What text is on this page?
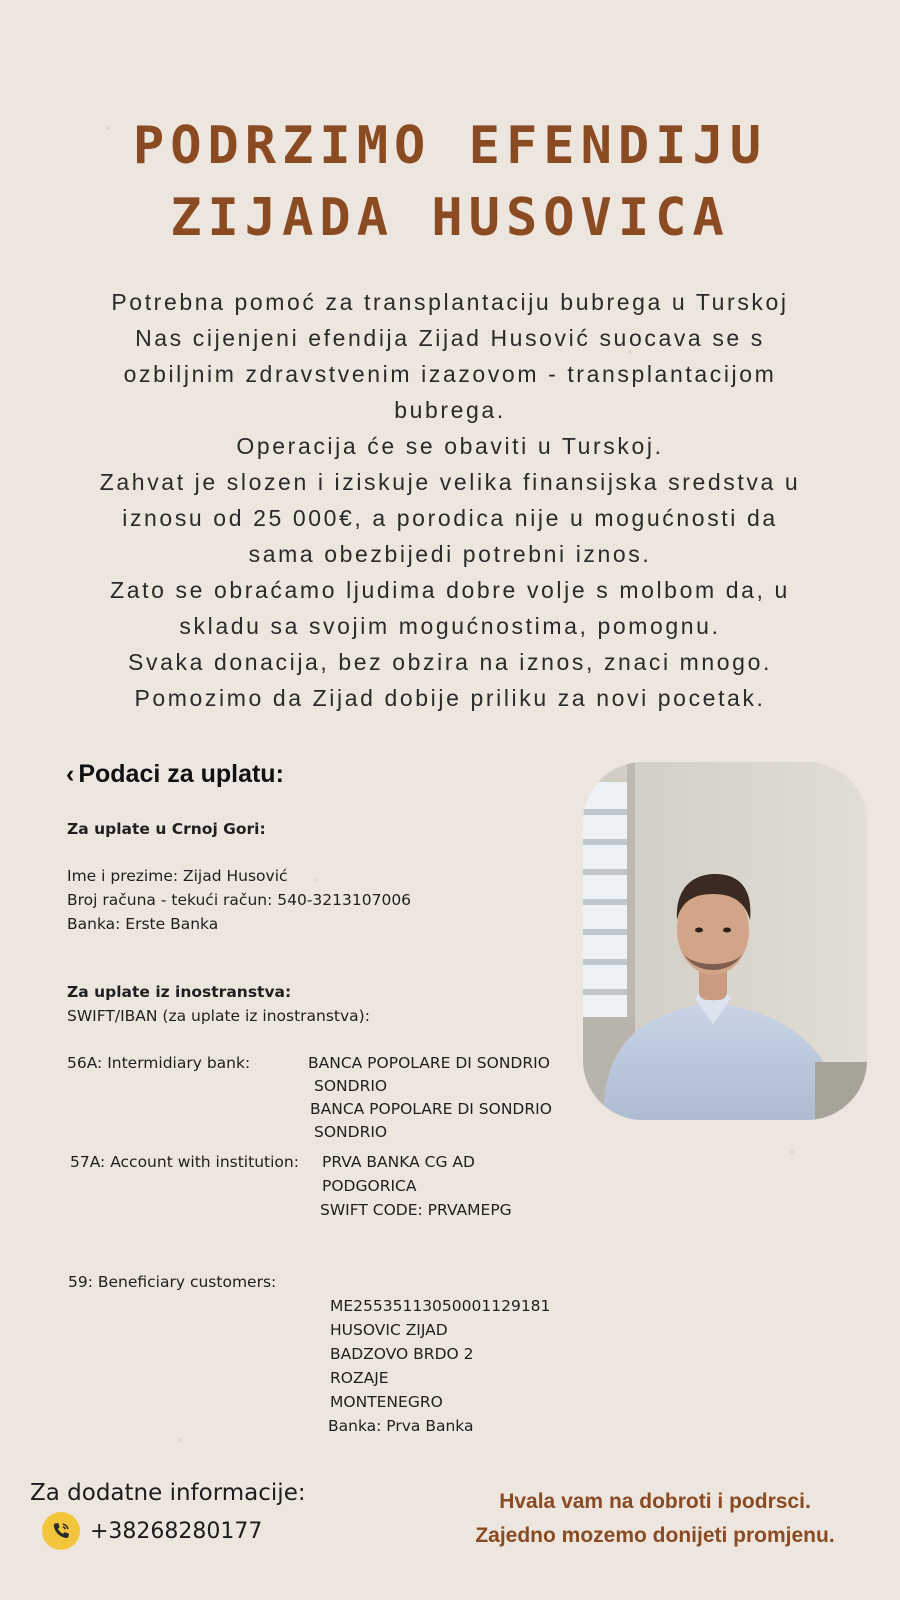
PODRZIMO EFENDIJU
ZIJADA HUSOVICA
Potrebna pomoć za transplantaciju bubrega u Turskoj
Nas cijenjeni efendija Zijad Husović suocava se s
ozbiljnim zdravstvenim izazovom - transplantacijom
bubrega.
Operacija će se obaviti u Turskoj.
Zahvat je slozen i iziskuje velika finansijska sredstva u
iznosu od 25 000€, a porodica nije u mogućnosti da
sama obezbijedi potrebni iznos.
Zato se obraćamo ljudima dobre volje s molbom da, u
skladu sa svojim mogućnostima, pomognu.
Svaka donacija, bez obzira na iznos, znaci mnogo.
Pomozimo da Zijad dobije priliku za novi pocetak.
‹ Podaci za uplatu:
Za uplate u Crnoj Gori:
Ime i prezime: Zijad Husović
Broj računa - tekući račun: 540-3213107006
Banka: Erste Banka
Za uplate iz inostranstva:
SWIFT/IBAN (za uplate iz inostranstva):
56A: Intermidiary bank:	BANCA POPOLARE DI SONDRIO
SONDRIO
BANCA POPOLARE DI SONDRIO
SONDRIO
57A: Account with institution: PRVA BANKA CG AD
PODGORICA
SWIFT CODE: PRVAMEPG
59: Beneficiary customers:
ME25535113050001129181
HUSOVIC ZIJAD
BADZOVO BRDO 2
ROZAJE
MONTENEGRO
Banka: Prva Banka
Za dodatne informacije:
+38268280177
Hvala vam na dobroti i podrsci.
Zajedno mozemo donijeti promjenu.
